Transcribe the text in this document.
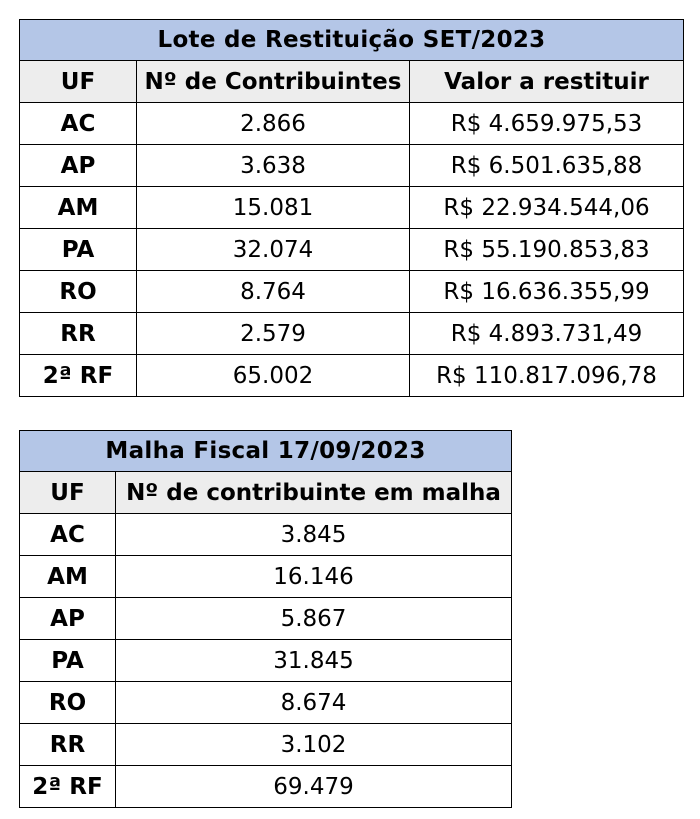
Lote de Restituição SET/2023		
UF	Nº de Contribuintes	Valor a restituir
AC	2.866	R$ 4.659.975,53
AP	3.638	R$ 6.501.635,88
AM	15.081	R$ 22.934.544,06
PA	32.074	R$ 55.190.853,83
RO	8.764	R$ 16.636.355,99
RR	2.579	R$ 4.893.731,49
2ª RF	65.002	R$ 110.817.096,78
Malha Fiscal 17/09/2023	
UF	Nº de contribuinte em malha
AC	3.845
AM	16.146
AP	5.867
PA	31.845
RO	8.674
RR	3.102
2ª RF	69.479
